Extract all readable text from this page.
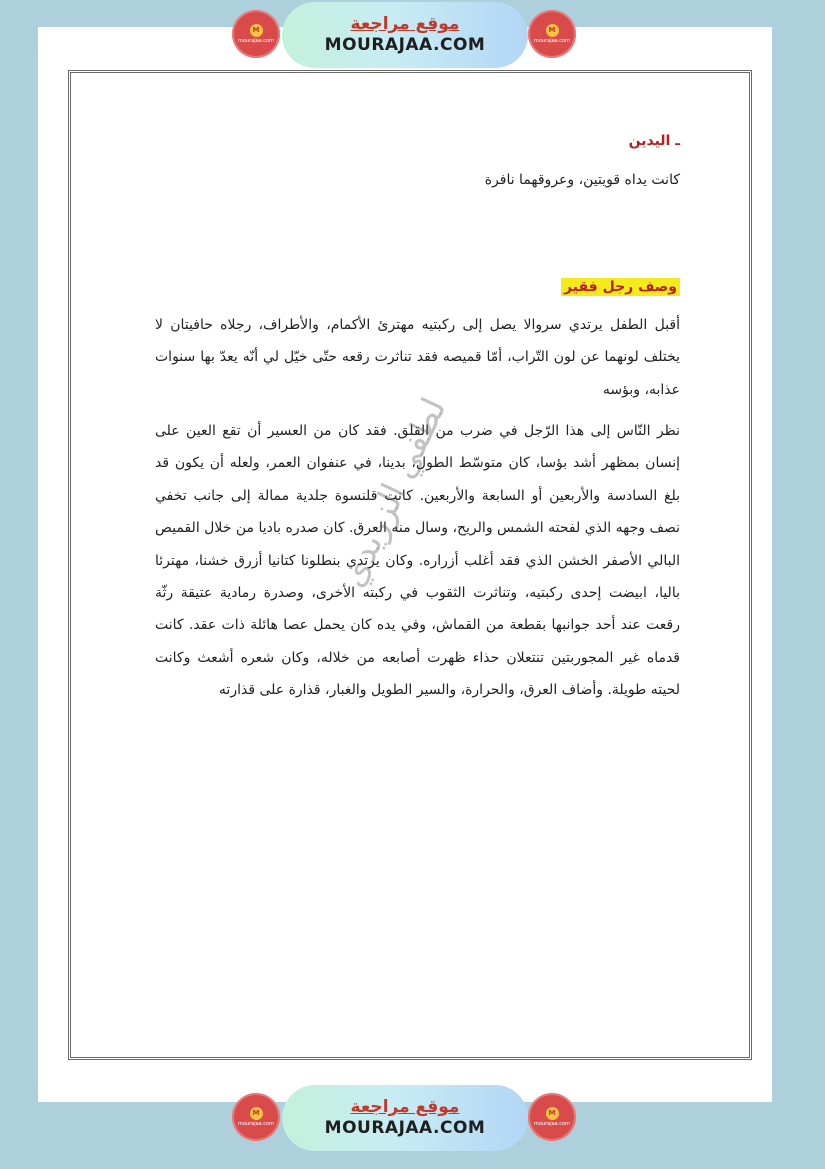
M
mourajaa.com
موقع مراجعة
MOURAJAA.COM
M
mourajaa.com
ـ اليدين
كانت يداه قويتين، وعروقهما نافرة
وصف رجل فقير
أقبل الطفل يرتدي سروالا يصل إلى ركبتيه مهترئ الأكمام، والأطراف، رجلاه حافيتان لا يختلف لونهما عن لون التّراب، أمّا قميصه فقد تناثرت رقعه حتّى خيّل لي أنّه يعدّ بها سنوات عذابه، وبؤسه
نظر النّاس إلى هذا الرّجل في ضرب من القلق. فقد كان من العسير أن تقع العين على إنسان بمظهر أشد بؤسا، كان متوسّط الطول، بدينا، في عنفوان العمر، ولعله أن يكون قد بلغ السادسة والأربعين أو السابعة والأربعين. كانت قلنسوة جلدية ممالة إلى جانب تخفي نصف وجهه الذي لفحته الشمس والريح، وسال منه العرق. كان صدره باديا من خلال القميص البالي الأصفر الخشن الذي فقد أغلب أزراره. وكان يرتدي بنطلونا كتانيا أزرق خشنا، مهترئا باليا، ابيضت إحدى ركبتيه، وتناثرت الثقوب في ركبته الأخرى، وصدرة رمادية عتيقة رثّة رقعت عند أحد جوانبها بقطعة من القماش، وفي يده كان يحمل عصا هائلة ذات عقد. كانت قدماه غير المجوربتين تنتعلان حذاء ظهرت أصابعه من خلاله، وكان شعره أشعث وكانت لحيته طويلة. وأضاف العرق، والحرارة، والسير الطويل والغبار، قذارة على قذارته
لطفي الزريدي
M
mourajaa.com
موقع مراجعة
MOURAJAA.COM
M
mourajaa.com
